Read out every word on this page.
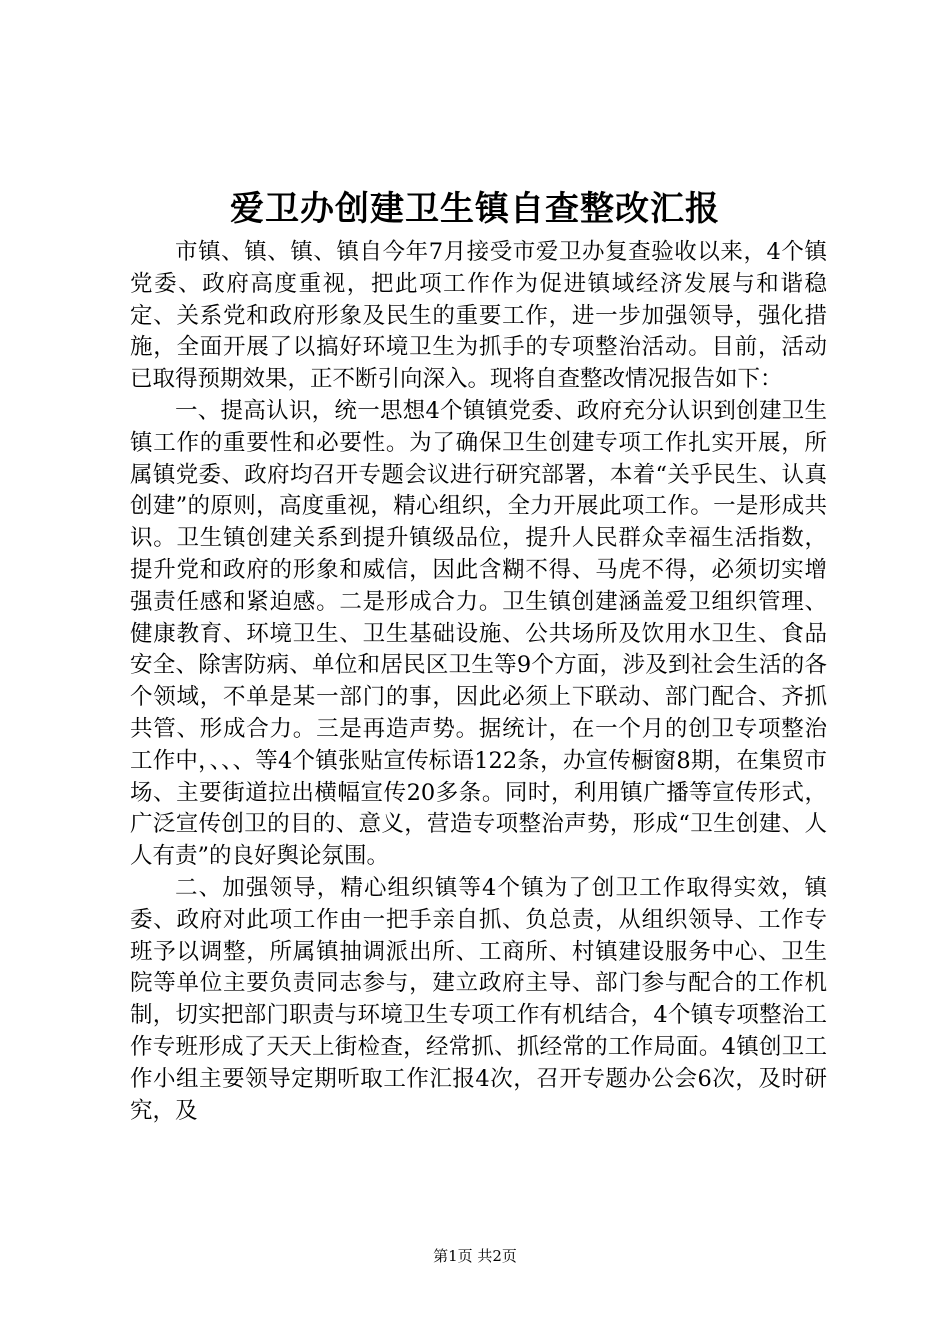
爱卫办创建卫生镇自查整改汇报

市镇、镇、镇、镇自今年7月接受市爱卫办复查验收以来，4个镇党委、政府高度重视，把此项工作作为促进镇域经济发展与和谐稳定、关系党和政府形象及民生的重要工作，进一步加强领导，强化措施，全面开展了以搞好环境卫生为抓手的专项整治活动。目前，活动已取得预期效果，正不断引向深入。现将自查整改情况报告如下：

一、提高认识，统一思想4个镇镇党委、政府充分认识到创建卫生镇工作的重要性和必要性。为了确保卫生创建专项工作扎实开展，所属镇党委、政府均召开专题会议进行研究部署，本着“关乎民生、认真创建”的原则，高度重视，精心组织，全力开展此项工作。一是形成共识。卫生镇创建关系到提升镇级品位，提升人民群众幸福生活指数，提升党和政府的形象和威信，因此含糊不得、马虎不得，必须切实增强责任感和紧迫感。二是形成合力。卫生镇创建涵盖爱卫组织管理、健康教育、环境卫生、卫生基础设施、公共场所及饮用水卫生、食品安全、除害防病、单位和居民区卫生等9个方面，涉及到社会生活的各个领域，不单是某一部门的事，因此必须上下联动、部门配合、齐抓共管、形成合力。三是再造声势。据统计，在一个月的创卫专项整治工作中，、、、等4个镇张贴宣传标语122条，办宣传橱窗8期，在集贸市场、主要街道拉出横幅宣传20多条。同时，利用镇广播等宣传形式，广泛宣传创卫的目的、意义，营造专项整治声势，形成“卫生创建、人人有责”的良好舆论氛围。

二、加强领导，精心组织镇等4个镇为了创卫工作取得实效，镇委、政府对此项工作由一把手亲自抓、负总责，从组织领导、工作专班予以调整，所属镇抽调派出所、工商所、村镇建设服务中心、卫生院等单位主要负责同志参与，建立政府主导、部门参与配合的工作机制，切实把部门职责与环境卫生专项工作有机结合，4个镇专项整治工作专班形成了天天上街检查，经常抓、抓经常的工作局面。4镇创卫工作小组主要领导定期听取工作汇报4次，召开专题办公会6次，及时研究，及

第1页 共2页
